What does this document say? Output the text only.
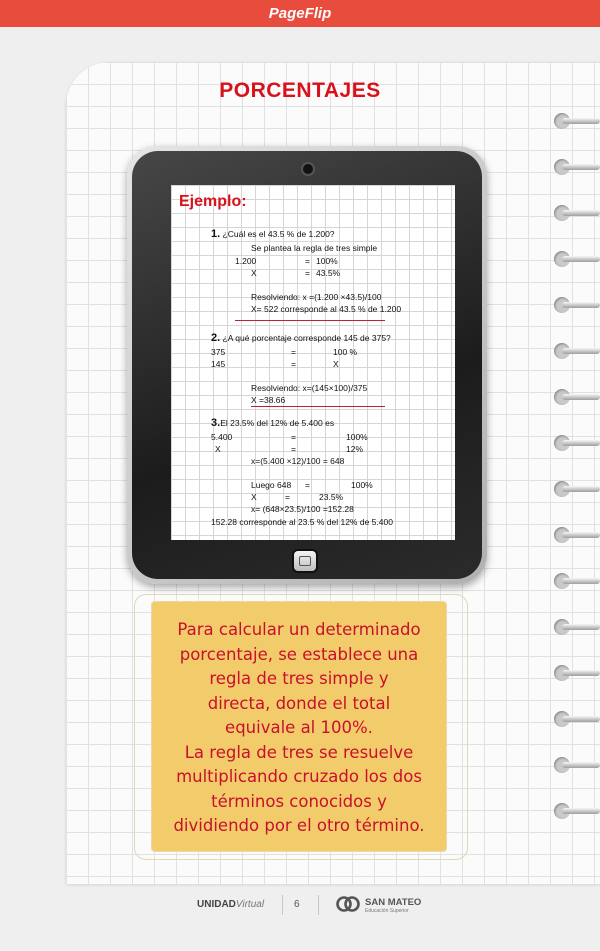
PageFlip
PORCENTAJES
Ejemplo:
1. ¿Cuál es el 43.5 % de 1.200?
Se plantea la regla de tres simple
1.200	= 100%
X	= 43.5%
Resolviendo: x =(1.200 ×43.5)/100
X= 522 corresponde al 43.5 % de 1.200
2. ¿A qué porcentaje corresponde 145 de 375?
375	=	100 %
145	=	X
Resolviendo: x=(145×100)/375
X =38.66
3.El 23.5% del 12% de 5.400 es
5.400	=	100%
X	=	12%
x=(5.400 ×12)/100 = 648
Luego 648 =	100%
X	=	23.5%
x= (648×23.5)/100 =152.28
152.28 corresponde al 23.5 % del 12% de 5.400
Para calcular un determinado
porcentaje, se establece una
regla de tres simple y
directa, donde el total
equivale al 100%.
La regla de tres se resuelve
multiplicando cruzado los dos
términos conocidos y
dividiendo por el otro término.
UNIDADVirtual	6	SAN MATEO
Educación Superior
